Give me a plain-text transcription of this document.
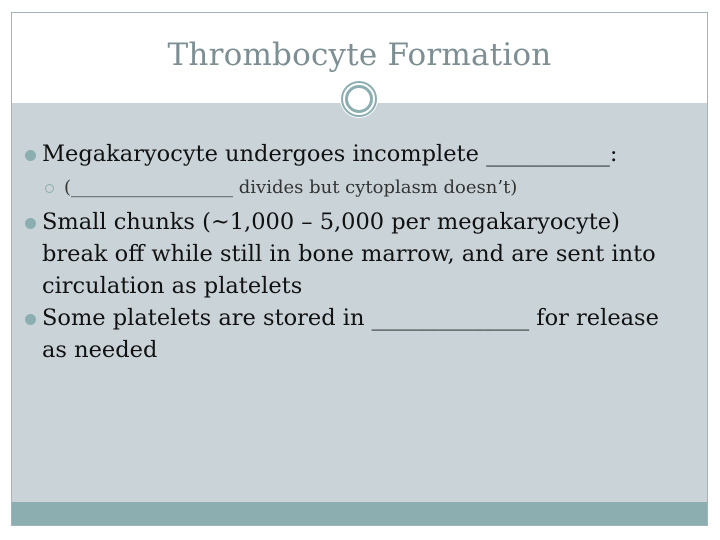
Thrombocyte Formation
Megakaryocyte undergoes incomplete ___________:
(__________________ divides but cytoplasm doesn’t)
Small chunks (~1,000 – 5,000 per megakaryocyte) break off while still in bone marrow, and are sent into circulation as platelets
Some platelets are stored in ______________ for release as needed
